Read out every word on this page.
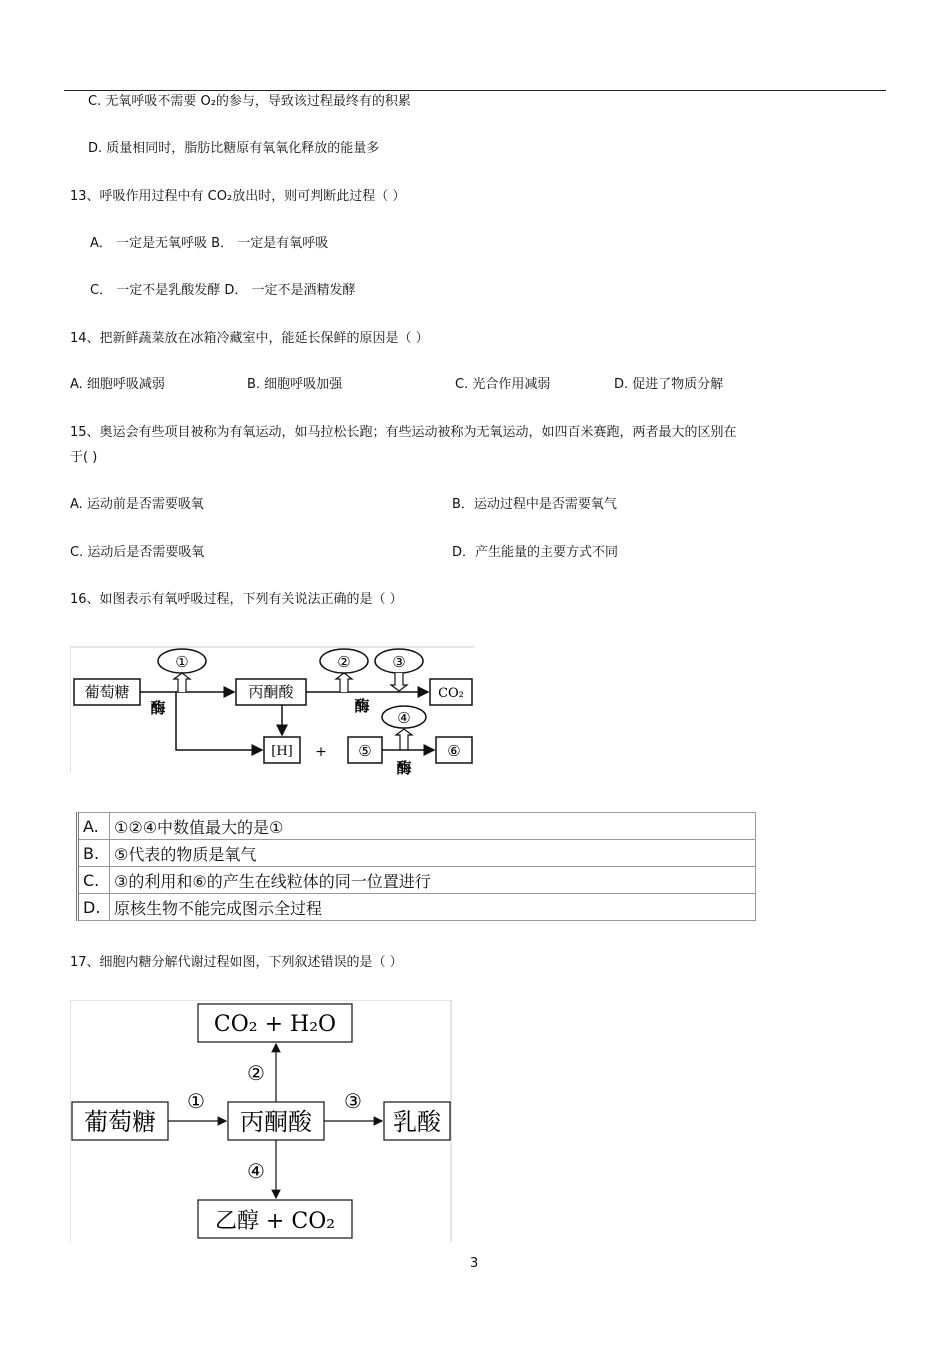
C. 无氧呼吸不需要 O₂的参与，导致该过程最终有的积累
D. 质量相同时，脂肪比糖原有氧氧化释放的能量多
13、呼吸作用过程中有 CO₂放出时，则可判断此过程（ ）
A． 一定是无氧呼吸 B． 一定是有氧呼吸
C． 一定不是乳酸发酵 D． 一定不是酒精发酵
14、把新鲜蔬菜放在冰箱冷藏室中，能延长保鲜的原因是（ ）
A. 细胞呼吸减弱	B. 细胞呼吸加强	C. 光合作用减弱	D. 促进了物质分解
15、奥运会有些项目被称为有氧运动，如马拉松长跑；有些运动被称为无氧运动，如四百米赛跑，两者最大的区别在
于( )
A. 运动前是否需要吸氧	B．运动过程中是否需要氧气
C. 运动后是否需要吸氧	D．产生能量的主要方式不同
16、如图表示有氧呼吸过程，下列有关说法正确的是（ ）
葡萄糖	丙酮酸	CO₂
[H]	⑤	⑥
+
①	②	③
④
酶	酶
酶
A.	①②④中数值最大的是①
B.	⑤代表的物质是氧气
C.	③的利用和⑥的产生在线粒体的同一位置进行
D.	原核生物不能完成图示全过程
17、细胞内糖分解代谢过程如图，下列叙述错误的是（ ）
CO₂ + H₂O
葡萄糖	丙酮酸	乳酸
乙醇 + CO₂
①
②
③
④
3
